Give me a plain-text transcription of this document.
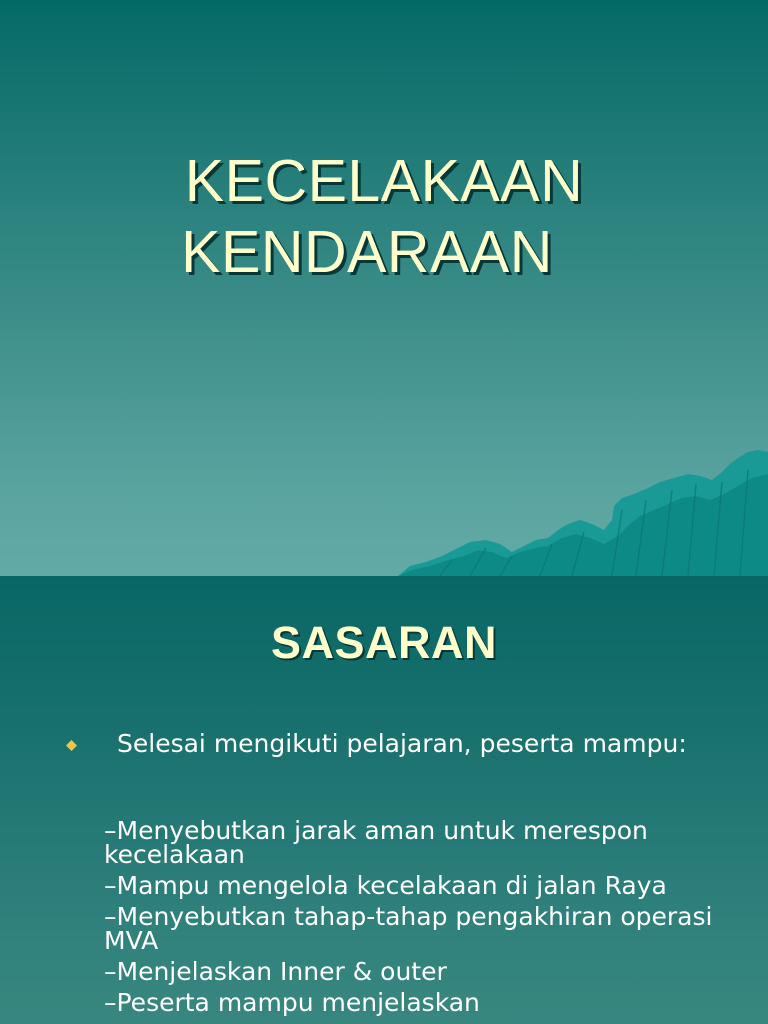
KECELAKAAN
KENDARAAN
SASARAN
Selesai mengikuti pelajaran, peserta mampu:
–Menyebutkan jarak aman untuk merespon kecelakaan
–Mampu mengelola kecelakaan di jalan Raya
–Menyebutkan tahap-tahap pengakhiran operasi MVA
–Menjelaskan Inner & outer
–Peserta mampu menjelaskan
